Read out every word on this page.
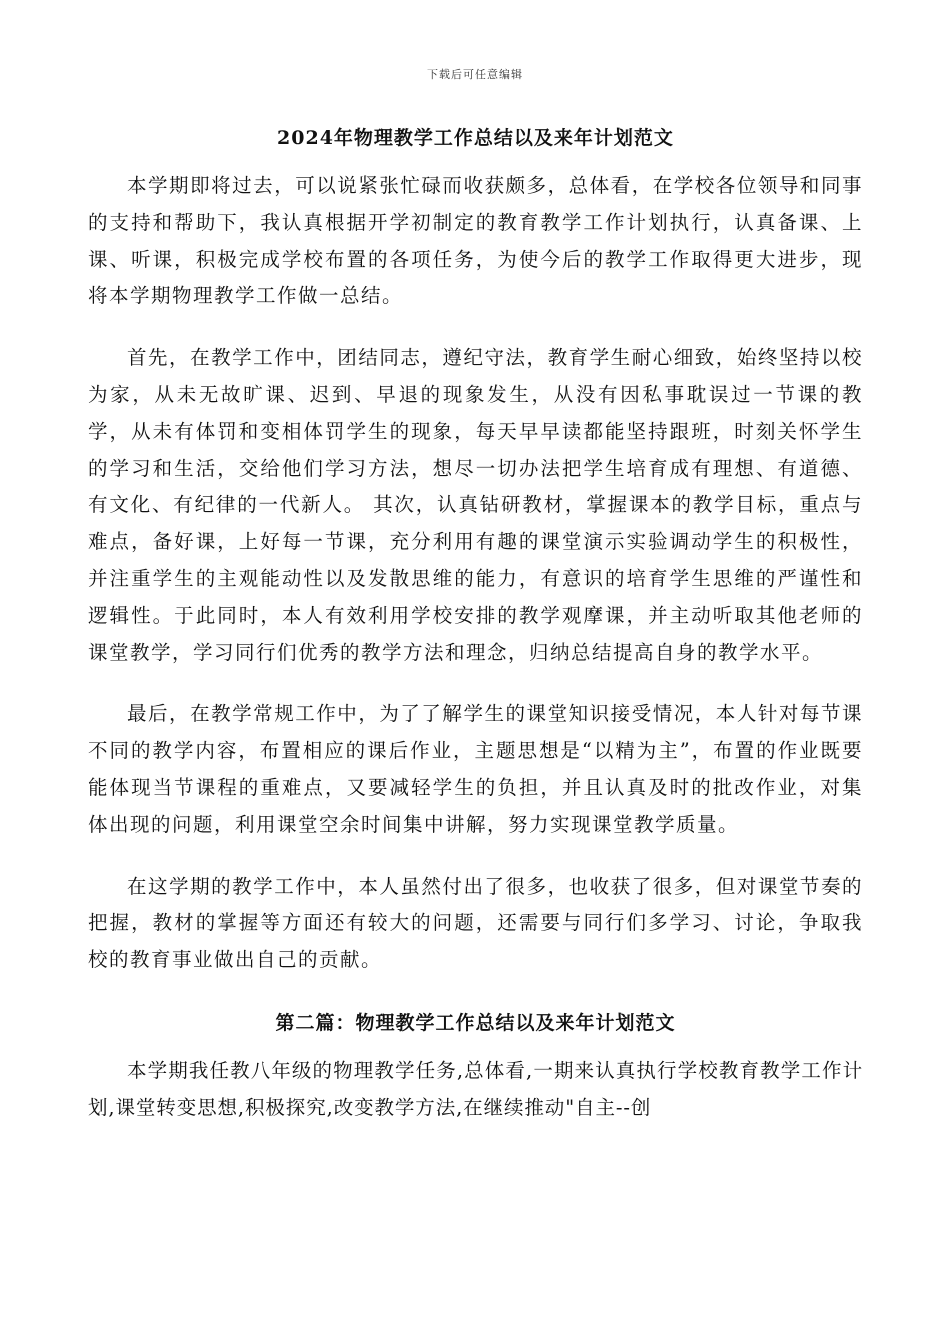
下载后可任意编辑
2024年物理教学工作总结以及来年计划范文

本学期即将过去，可以说紧张忙碌而收获颇多，总体看，在学校各位领导和同事的支持和帮助下，我认真根据开学初制定的教育教学工作计划执行，认真备课、上课、听课，积极完成学校布置的各项任务，为使今后的教学工作取得更大进步，现将本学期物理教学工作做一总结。

首先，在教学工作中，团结同志，遵纪守法，教育学生耐心细致，始终坚持以校为家，从未无故旷课、迟到、早退的现象发生，从没有因私事耽误过一节课的教学，从未有体罚和变相体罚学生的现象，每天早早读都能坚持跟班，时刻关怀学生的学习和生活，交给他们学习方法，想尽一切办法把学生培育成有理想、有道德、有文化、有纪律的一代新人。 其次，认真钻研教材，掌握课本的教学目标，重点与难点，备好课，上好每一节课，充分利用有趣的课堂演示实验调动学生的积极性，并注重学生的主观能动性以及发散思维的能力，有意识的培育学生思维的严谨性和逻辑性。于此同时，本人有效利用学校安排的教学观摩课，并主动听取其他老师的课堂教学，学习同行们优秀的教学方法和理念，归纳总结提高自身的教学水平。

最后，在教学常规工作中，为了了解学生的课堂知识接受情况，本人针对每节课不同的教学内容，布置相应的课后作业，主题思想是“以精为主”，布置的作业既要能体现当节课程的重难点，又要减轻学生的负担，并且认真及时的批改作业，对集体出现的问题，利用课堂空余时间集中讲解，努力实现课堂教学质量。

在这学期的教学工作中，本人虽然付出了很多，也收获了很多，但对课堂节奏的把握，教材的掌握等方面还有较大的问题，还需要与同行们多学习、讨论，争取我校的教育事业做出自己的贡献。

第二篇：物理教学工作总结以及来年计划范文

本学期我任教八年级的物理教学任务,总体看,一期来认真执行学校教育教学工作计划,课堂转变思想,积极探究,改变教学方法,在继续推动"自主--创
